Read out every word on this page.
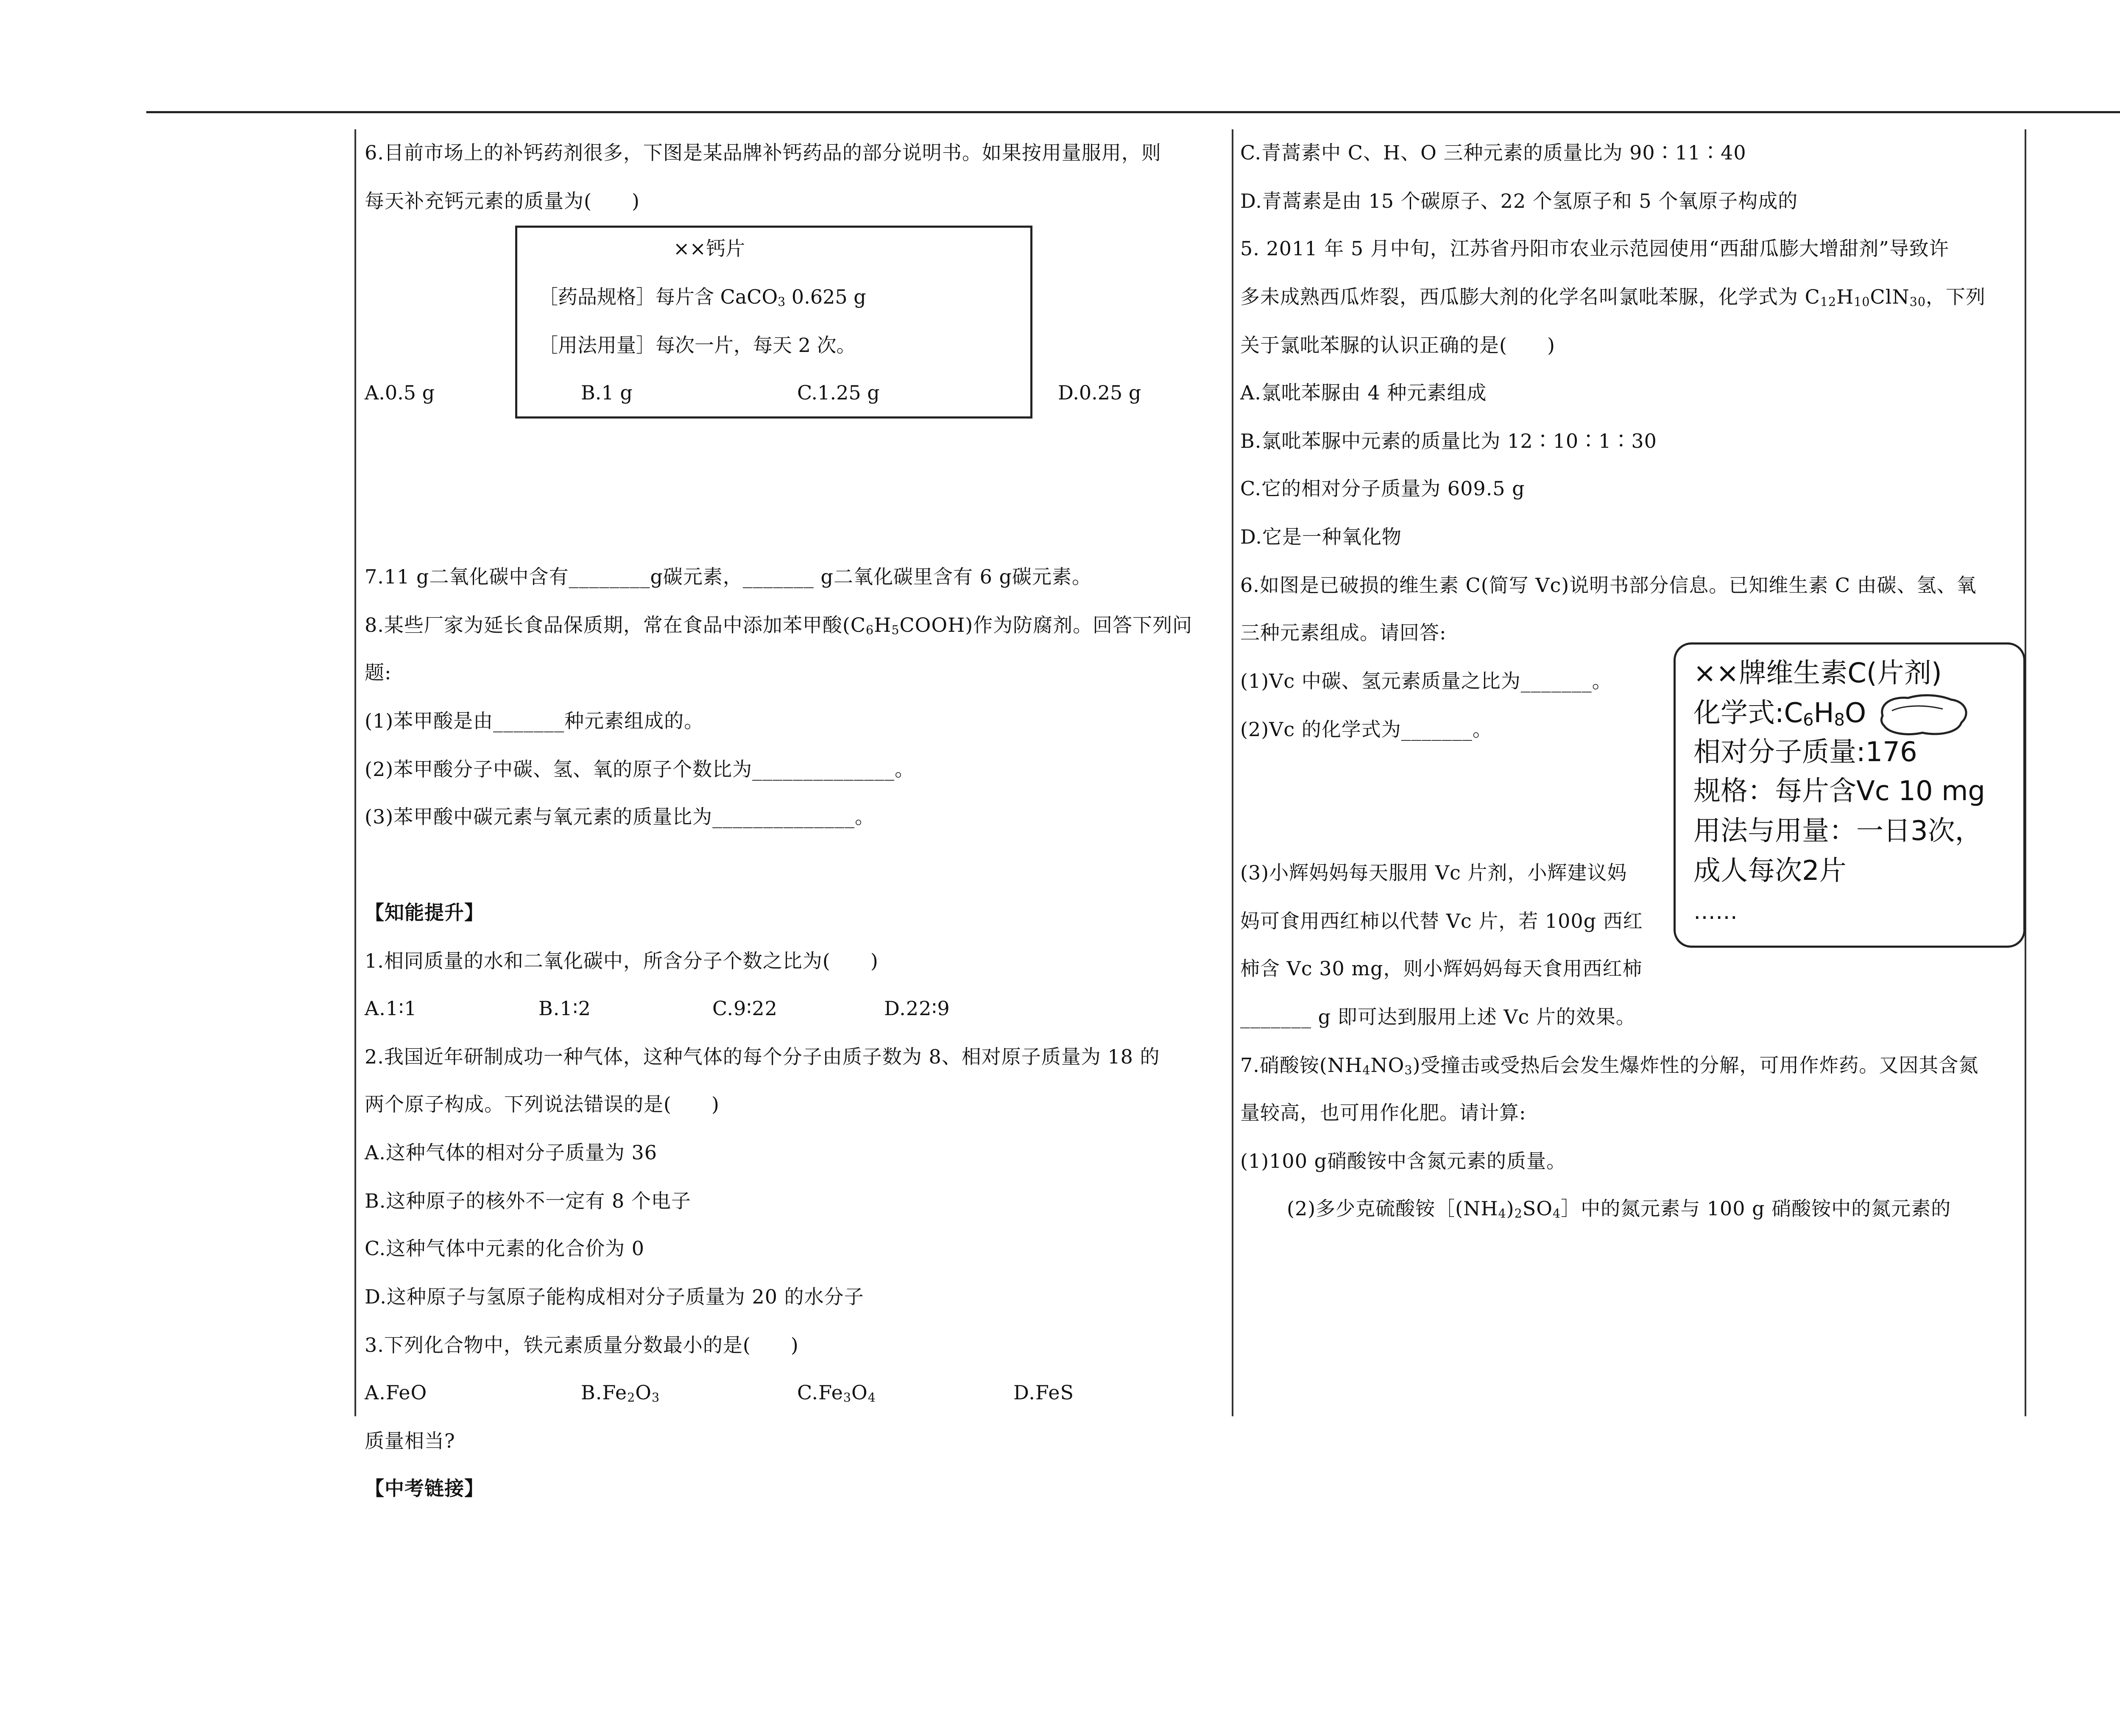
6.目前市场上的补钙药剂很多，下图是某品牌补钙药品的部分说明书。如果按用量服用，则
每天补充钙元素的质量为(　　)
7.11 g二氧化碳中含有________g碳元素，_______ g二氧化碳里含有 6 g碳元素。
8.某些厂家为延长食品保质期，常在食品中添加苯甲酸$(C_6H_5COOH)$作为防腐剂。回答下列问
题:
(1)苯甲酸是由_______种元素组成的。
(2)苯甲酸分子中碳、氢、氧的原子个数比为______________。
(3)苯甲酸中碳元素与氧元素的质量比为______________。
【知能提升】
1.相同质量的水和二氧化碳中，所含分子个数之比为(　　)
A.1∶1	B.1∶2	C.9∶22	D.22∶9
2.我国近年研制成功一种气体，这种气体的每个分子由质子数为 8、相对原子质量为 18 的
两个原子构成。下列说法错误的是(　　)
A.这种气体的相对分子质量为 36
B.这种原子的核外不一定有 8 个电子
C.这种气体中元素的化合价为 0
D.这种原子与氢原子能构成相对分子质量为 20 的水分子
3.下列化合物中，铁元素质量分数最小的是(　　)
A.FeO	$B.Fe_2O_3$	$C.Fe_3O_4$	D.FeS
质量相当?
【中考链接】
××钙片
［药品规格］每片含 CaCO$_3$ 0.625 g
［用法用量］每次一片，每天 2 次。
A.0.5 g	B.1 g	C.1.25 g	D.0.25 g
C.青蒿素中 C、H、O 三种元素的质量比为 90∶11∶40
D.青蒿素是由 15 个碳原子、22 个氢原子和 5 个氧原子构成的
5. 2011 年 5 月中旬，江苏省丹阳市农业示范园使用“西甜瓜膨大增甜剂”导致许
多未成熟西瓜炸裂，西瓜膨大剂的化学名叫氯吡苯脲，化学式为 $C_{12}H_{10}ClN_{30}$，下列
关于氯吡苯脲的认识正确的是(　　)
A.氯吡苯脲由 4 种元素组成
B.氯吡苯脲中元素的质量比为 12∶10∶1∶30
C.它的相对分子质量为 609.5 g
D.它是一种氧化物
6.如图是已破损的维生素 C(简写 Vc)说明书部分信息。已知维生素 C 由碳、氢、氧
三种元素组成。请回答:
(1)Vc 中碳、氢元素质量之比为_______。
(2)Vc 的化学式为_______。
(3)小辉妈妈每天服用 Vc 片剂，小辉建议妈
妈可食用西红柿以代替 Vc 片，若 100g 西红
柿含 Vc 30 mg，则小辉妈妈每天食用西红柿
_______ g 即可达到服用上述 Vc 片的效果。
7.硝酸铵$(NH_4NO_3)$受撞击或受热后会发生爆炸性的分解，可用作炸药。又因其含氮
量较高，也可用作化肥。请计算:
(1)100 g硝酸铵中含氮元素的质量。
(2)多少克硫酸铵$[(NH_4)_2SO_4]$中的氮元素与 100 g 硝酸铵中的氮元素的
××牌维生素C(片剂)
化学式$:C_6H_8O$
相对分子质量:176
规格：每片含Vc 10 mg
用法与用量：一日3次，
成人每次2片
……
